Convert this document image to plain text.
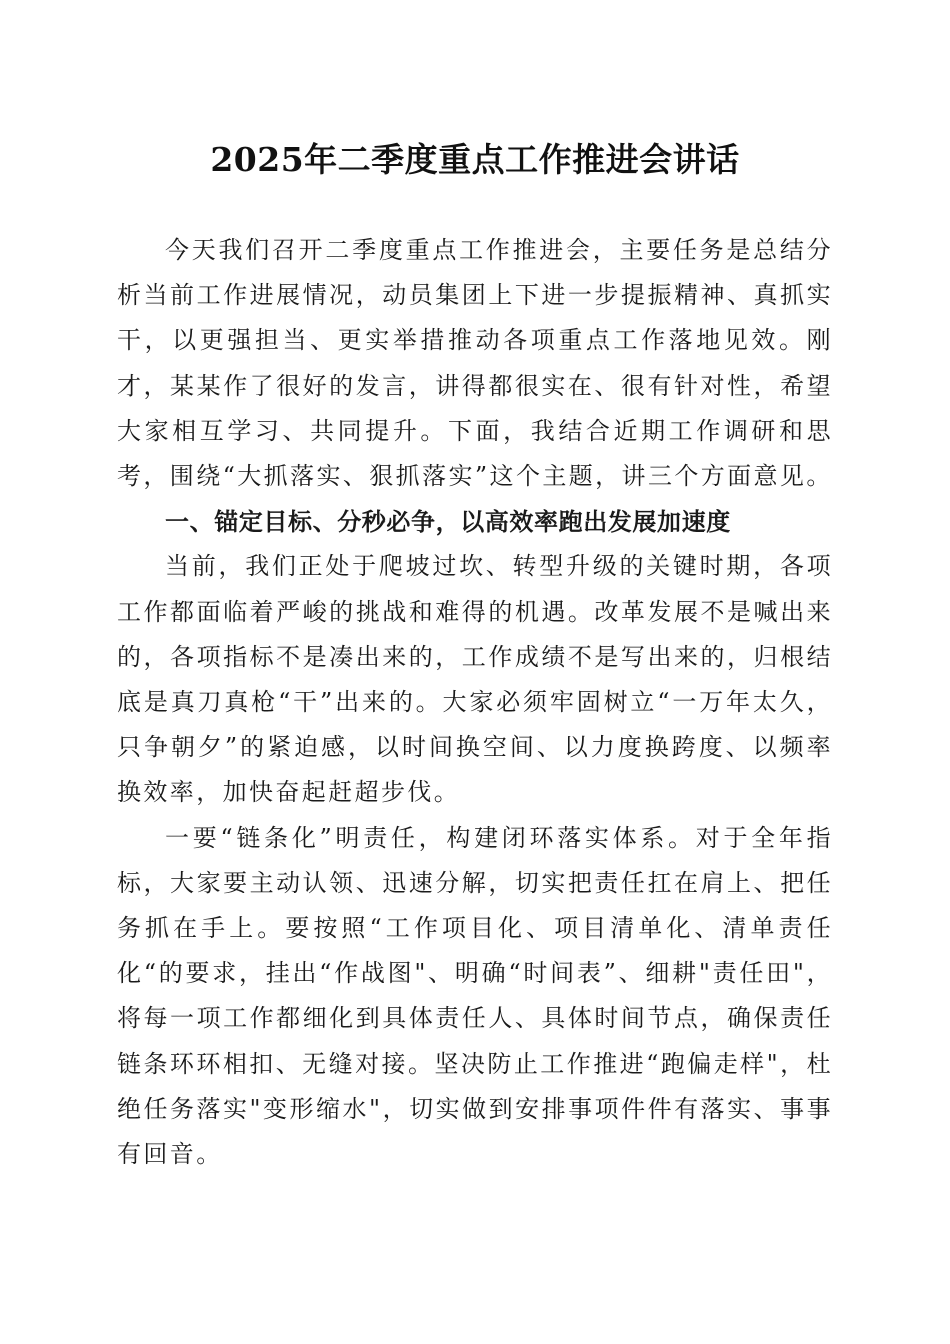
2025年二季度重点工作推进会讲话

今天我们召开二季度重点工作推进会，主要任务是总结分析当前工作进展情况，动员集团上下进一步提振精神、真抓实干，以更强担当、更实举措推动各项重点工作落地见效。刚才，某某作了很好的发言，讲得都很实在、很有针对性，希望大家相互学习、共同提升。下面，我结合近期工作调研和思考，围绕“大抓落实、狠抓落实”这个主题，讲三个方面意见。

一、锚定目标、分秒必争，以高效率跑出发展加速度

当前，我们正处于爬坡过坎、转型升级的关键时期，各项工作都面临着严峻的挑战和难得的机遇。改革发展不是喊出来的，各项指标不是凑出来的，工作成绩不是写出来的，归根结底是真刀真枪“干”出来的。大家必须牢固树立“一万年太久，只争朝夕”的紧迫感，以时间换空间、以力度换跨度、以频率换效率，加快奋起赶超步伐。

一要“链条化”明责任，构建闭环落实体系。对于全年指标，大家要主动认领、迅速分解，切实把责任扛在肩上、把任务抓在手上。要按照“工作项目化、项目清单化、清单责任化“的要求，挂出“作战图"、明确“时间表”、细耕"责任田"，将每一项工作都细化到具体责任人、具体时间节点，确保责任链条环环相扣、无缝对接。坚决防止工作推进“跑偏走样"，杜绝任务落实"变形缩水"，切实做到安排事项件件有落实、事事有回音。
